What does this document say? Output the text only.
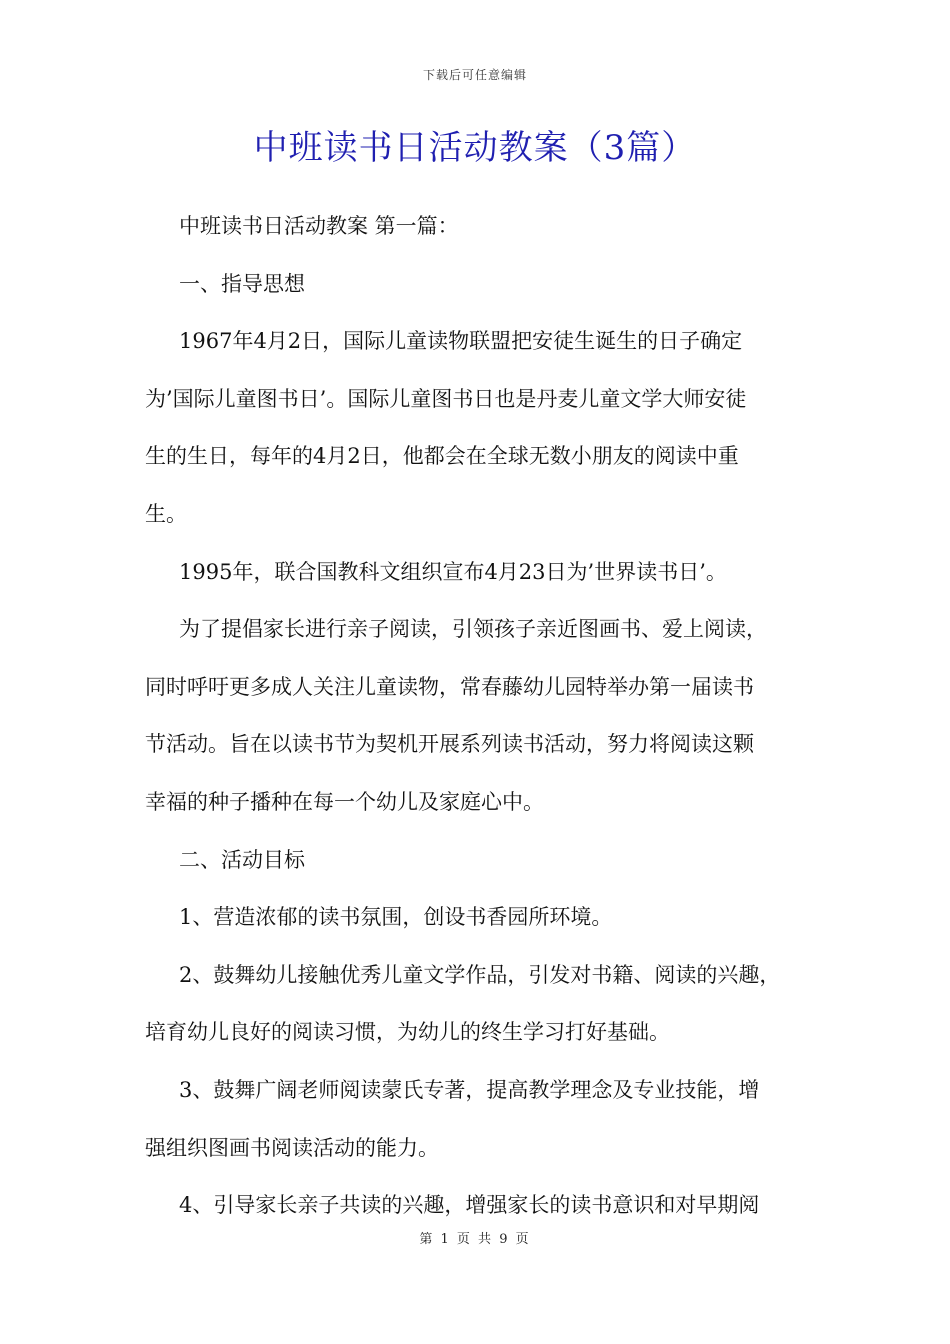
下载后可任意编辑
中班读书日活动教案（3篇）
中班读书日活动教案 第一篇：
一、指导思想
1967年4月2日，国际儿童读物联盟把安徒生诞生的日子确定
为’国际儿童图书日’。国际儿童图书日也是丹麦儿童文学大师安徒
生的生日，每年的4月2日，他都会在全球无数小朋友的阅读中重
生。
1995年，联合国教科文组织宣布4月23日为’世界读书日’。
为了提倡家长进行亲子阅读，引领孩子亲近图画书、爱上阅读，
同时呼吁更多成人关注儿童读物，常春藤幼儿园特举办第一届读书
节活动。旨在以读书节为契机开展系列读书活动，努力将阅读这颗
幸福的种子播种在每一个幼儿及家庭心中。
二、活动目标
1、营造浓郁的读书氛围，创设书香园所环境。
2、鼓舞幼儿接触优秀儿童文学作品，引发对书籍、阅读的兴趣，
培育幼儿良好的阅读习惯，为幼儿的终生学习打好基础。
3、鼓舞广阔老师阅读蒙氏专著，提高教学理念及专业技能，增
强组织图画书阅读活动的能力。
4、引导家长亲子共读的兴趣，增强家长的读书意识和对早期阅
第 1 页 共 9 页
